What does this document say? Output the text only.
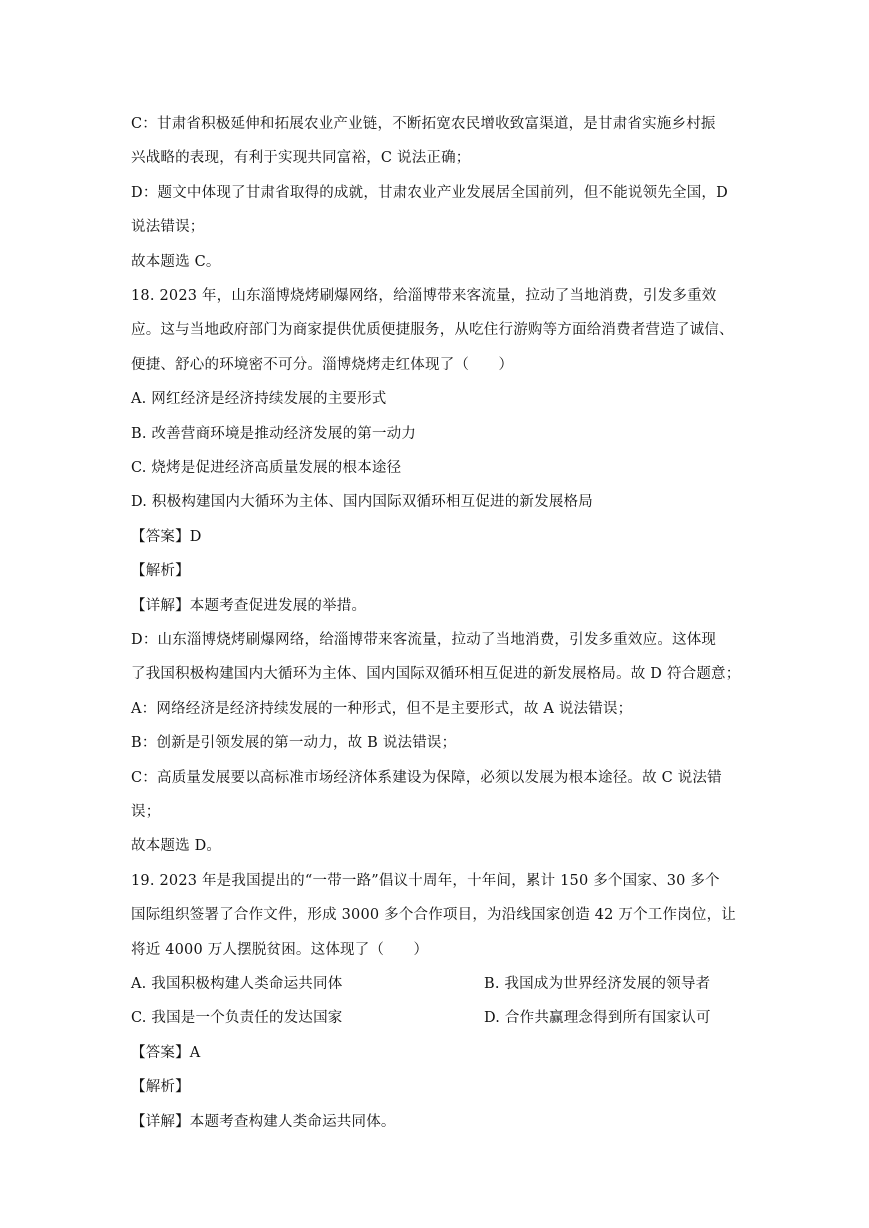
C：甘肃省积极延伸和拓展农业产业链，不断拓宽农民增收致富渠道，是甘肃省实施乡村振
兴战略的表现，有利于实现共同富裕，C 说法正确；
D：题文中体现了甘肃省取得的成就，甘肃农业产业发展居全国前列，但不能说领先全国，D
说法错误；
故本题选 C。
18. 2023 年，山东淄博烧烤刷爆网络，给淄博带来客流量，拉动了当地消费，引发多重效
应。这与当地政府部门为商家提供优质便捷服务，从吃住行游购等方面给消费者营造了诚信、
便捷、舒心的环境密不可分。淄博烧烤走红体现了（　　）
A. 网红经济是经济持续发展的主要形式
B. 改善营商环境是推动经济发展的第一动力
C. 烧烤是促进经济高质量发展的根本途径
D. 积极构建国内大循环为主体、国内国际双循环相互促进的新发展格局
【答案】D
【解析】
【详解】本题考查促进发展的举措。
D：山东淄博烧烤刷爆网络，给淄博带来客流量，拉动了当地消费，引发多重效应。这体现
了我国积极构建国内大循环为主体、国内国际双循环相互促进的新发展格局。故 D 符合题意；
A：网络经济是经济持续发展的一种形式，但不是主要形式，故 A 说法错误；
B：创新是引领发展的第一动力，故 B 说法错误；
C：高质量发展要以高标准市场经济体系建设为保障，必须以发展为根本途径。故 C 说法错
误；
故本题选 D。
19. 2023 年是我国提出的“一带一路”倡议十周年，十年间，累计 150 多个国家、30 多个
国际组织签署了合作文件，形成 3000 多个合作项目，为沿线国家创造 42 万个工作岗位，让
将近 4000 万人摆脱贫困。这体现了（　　）
A. 我国积极构建人类命运共同体	B. 我国成为世界经济发展的领导者
C. 我国是一个负责任的发达国家	D. 合作共赢理念得到所有国家认可
【答案】A
【解析】
【详解】本题考查构建人类命运共同体。
